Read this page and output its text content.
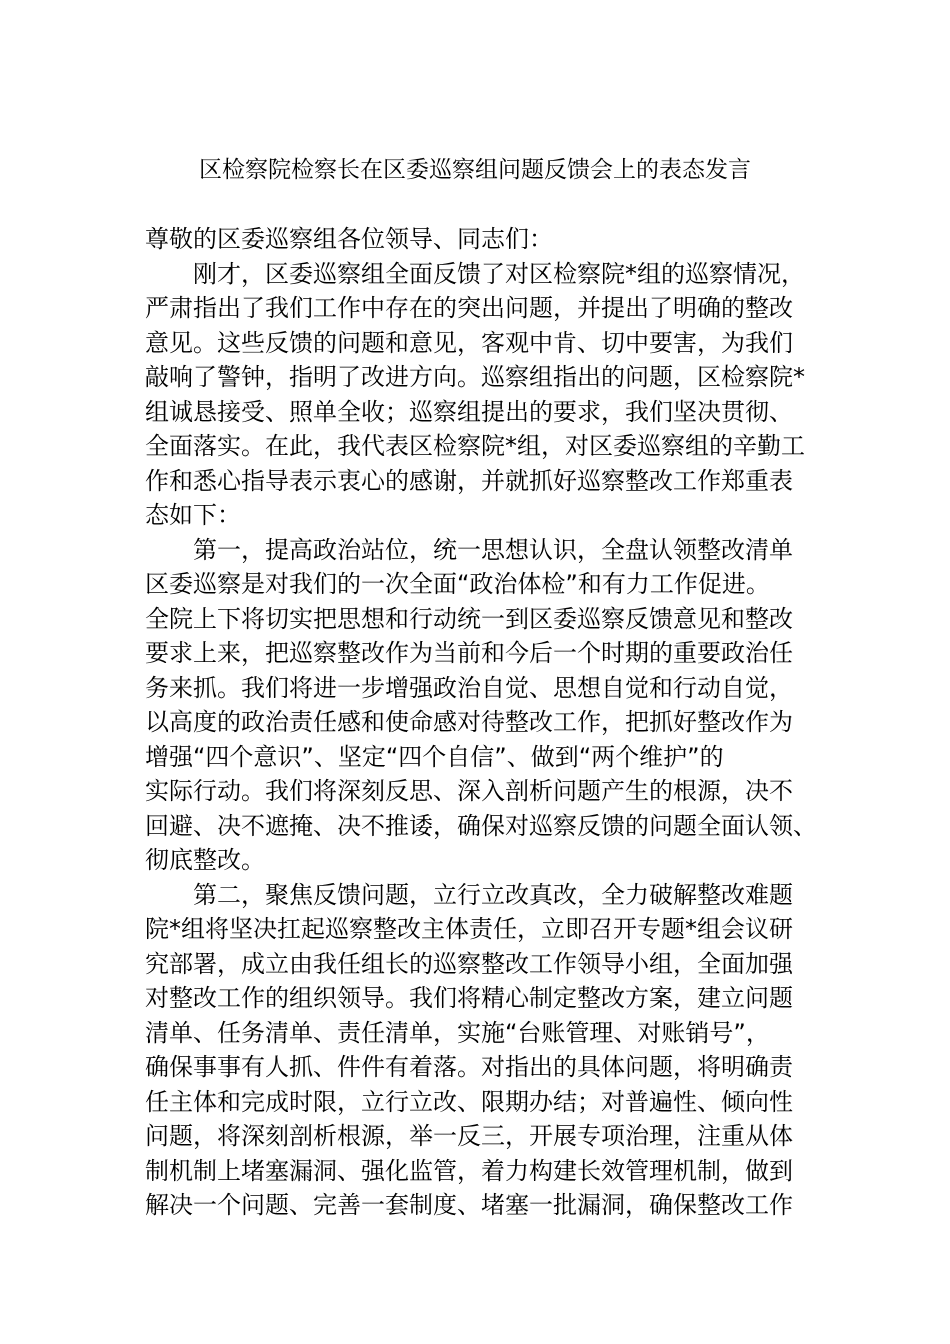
区检察院检察长在区委巡察组问题反馈会上的表态发言
尊敬的区委巡察组各位领导、同志们：
刚才，区委巡察组全面反馈了对区检察院*组的巡察情况，
严肃指出了我们工作中存在的突出问题，并提出了明确的整改
意见。这些反馈的问题和意见，客观中肯、切中要害，为我们
敲响了警钟，指明了改进方向。巡察组指出的问题，区检察院*
组诚恳接受、照单全收；巡察组提出的要求，我们坚决贯彻、
全面落实。在此，我代表区检察院*组，对区委巡察组的辛勤工
作和悉心指导表示衷心的感谢，并就抓好巡察整改工作郑重表
态如下：
第一，提高政治站位，统一思想认识，全盘认领整改清单
区委巡察是对我们的一次全面“政治体检”和有力工作促进。
全院上下将切实把思想和行动统一到区委巡察反馈意见和整改
要求上来，把巡察整改作为当前和今后一个时期的重要政治任
务来抓。我们将进一步增强政治自觉、思想自觉和行动自觉，
以高度的政治责任感和使命感对待整改工作，把抓好整改作为
增强“四个意识”、坚定“四个自信”、做到“两个维护”的
实际行动。我们将深刻反思、深入剖析问题产生的根源，决不
回避、决不遮掩、决不推诿，确保对巡察反馈的问题全面认领、
彻底整改。
第二，聚焦反馈问题，立行立改真改，全力破解整改难题
院*组将坚决扛起巡察整改主体责任，立即召开专题*组会议研
究部署，成立由我任组长的巡察整改工作领导小组，全面加强
对整改工作的组织领导。我们将精心制定整改方案，建立问题
清单、任务清单、责任清单，实施“台账管理、对账销号”，
确保事事有人抓、件件有着落。对指出的具体问题，将明确责
任主体和完成时限，立行立改、限期办结；对普遍性、倾向性
问题，将深刻剖析根源，举一反三，开展专项治理，注重从体
制机制上堵塞漏洞、强化监管，着力构建长效管理机制，做到
解决一个问题、完善一套制度、堵塞一批漏洞，确保整改工作
